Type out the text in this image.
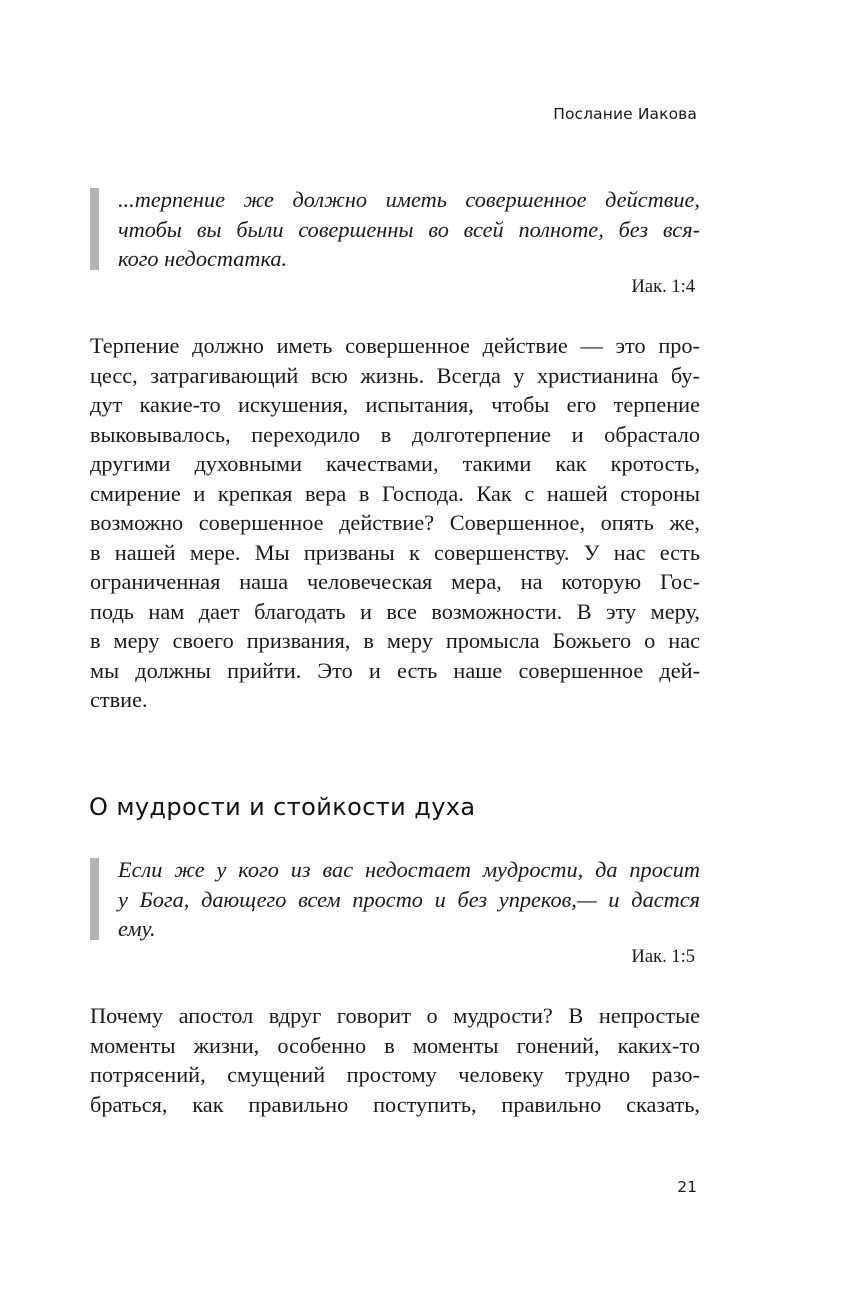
Послание Иакова

...терпение же должно иметь совершенное действие,
чтобы вы были совершенны во всей полноте, без вся-
кого недостатка.

Иак. 1:4
Терпение должно иметь совершенное действие — это про-
цесс, затрагивающий всю жизнь. Всегда у христианина бу-
дут какие-то искушения, испытания, чтобы его терпение
выковывалось, переходило в долготерпение и обрастало
другими духовными качествами, такими как кротость,
смирение и крепкая вера в Господа. Как с нашей стороны
возможно совершенное действие? Совершенное, опять же,
в нашей мере. Мы призваны к совершенству. У нас есть
ограниченная наша человеческая мера, на которую Гос-
подь нам дает благодать и все возможности. В эту меру,
в меру своего призвания, в меру промысла Божьего о нас
мы должны прийти. Это и есть наше совершенное дей-
ствие.
О мудрости и стойкости духа

Если же у кого из вас недостает мудрости, да просит
у Бога, дающего всем просто и без упреков,— и дастся
ему.

Иак. 1:5
Почему апостол вдруг говорит о мудрости? В непростые
моменты жизни, особенно в моменты гонений, каких-то
потрясений, смущений простому человеку трудно разо-
браться, как правильно поступить, правильно сказать,
21
